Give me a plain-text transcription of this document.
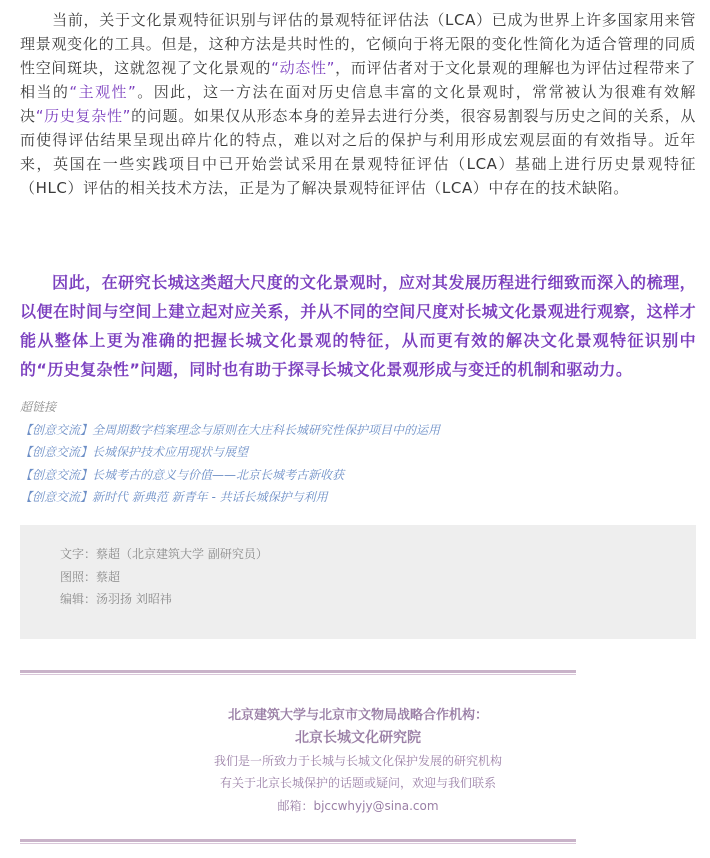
当前，关于文化景观特征识别与评估的景观特征评估法（LCA）已成为世界上许多国家用来管理景观变化的工具。但是，这种方法是共时性的，它倾向于将无限的变化性简化为适合管理的同质性空间斑块，这就忽视了文化景观的“动态性”，而评估者对于文化景观的理解也为评估过程带来了相当的“主观性”。因此，这一方法在面对历史信息丰富的文化景观时，常常被认为很难有效解决“历史复杂性”的问题。如果仅从形态本身的差异去进行分类，很容易割裂与历史之间的关系，从而使得评估结果呈现出碎片化的特点，难以对之后的保护与利用形成宏观层面的有效指导。近年来，英国在一些实践项目中已开始尝试采用在景观特征评估（LCA）基础上进行历史景观特征（HLC）评估的相关技术方法，正是为了解决景观特征评估（LCA）中存在的技术缺陷。

因此，在研究长城这类超大尺度的文化景观时，应对其发展历程进行细致而深入的梳理，以便在时间与空间上建立起对应关系，并从不同的空间尺度对长城文化景观进行观察，这样才能从整体上更为准确的把握长城文化景观的特征，从而更有效的解决文化景观特征识别中的“历史复杂性”问题，同时也有助于探寻长城文化景观形成与变迁的机制和驱动力。

超链接
【创意交流】全周期数字档案理念与原则在大庄科长城研究性保护项目中的运用
【创意交流】长城保护技术应用现状与展望
【创意交流】长城考古的意义与价值——北京长城考古新收获
【创意交流】新时代 新典范 新青年 - 共话长城保护与利用
文字：蔡超（北京建筑大学 副研究员）
图照：蔡超
编辑：汤羽扬 刘昭祎
北京建筑大学与北京市文物局战略合作机构：
北京长城文化研究院
我们是一所致力于长城与长城文化保护发展的研究机构
有关于北京长城保护的话题或疑问，欢迎与我们联系
邮箱：bjccwhyjy@sina.com
